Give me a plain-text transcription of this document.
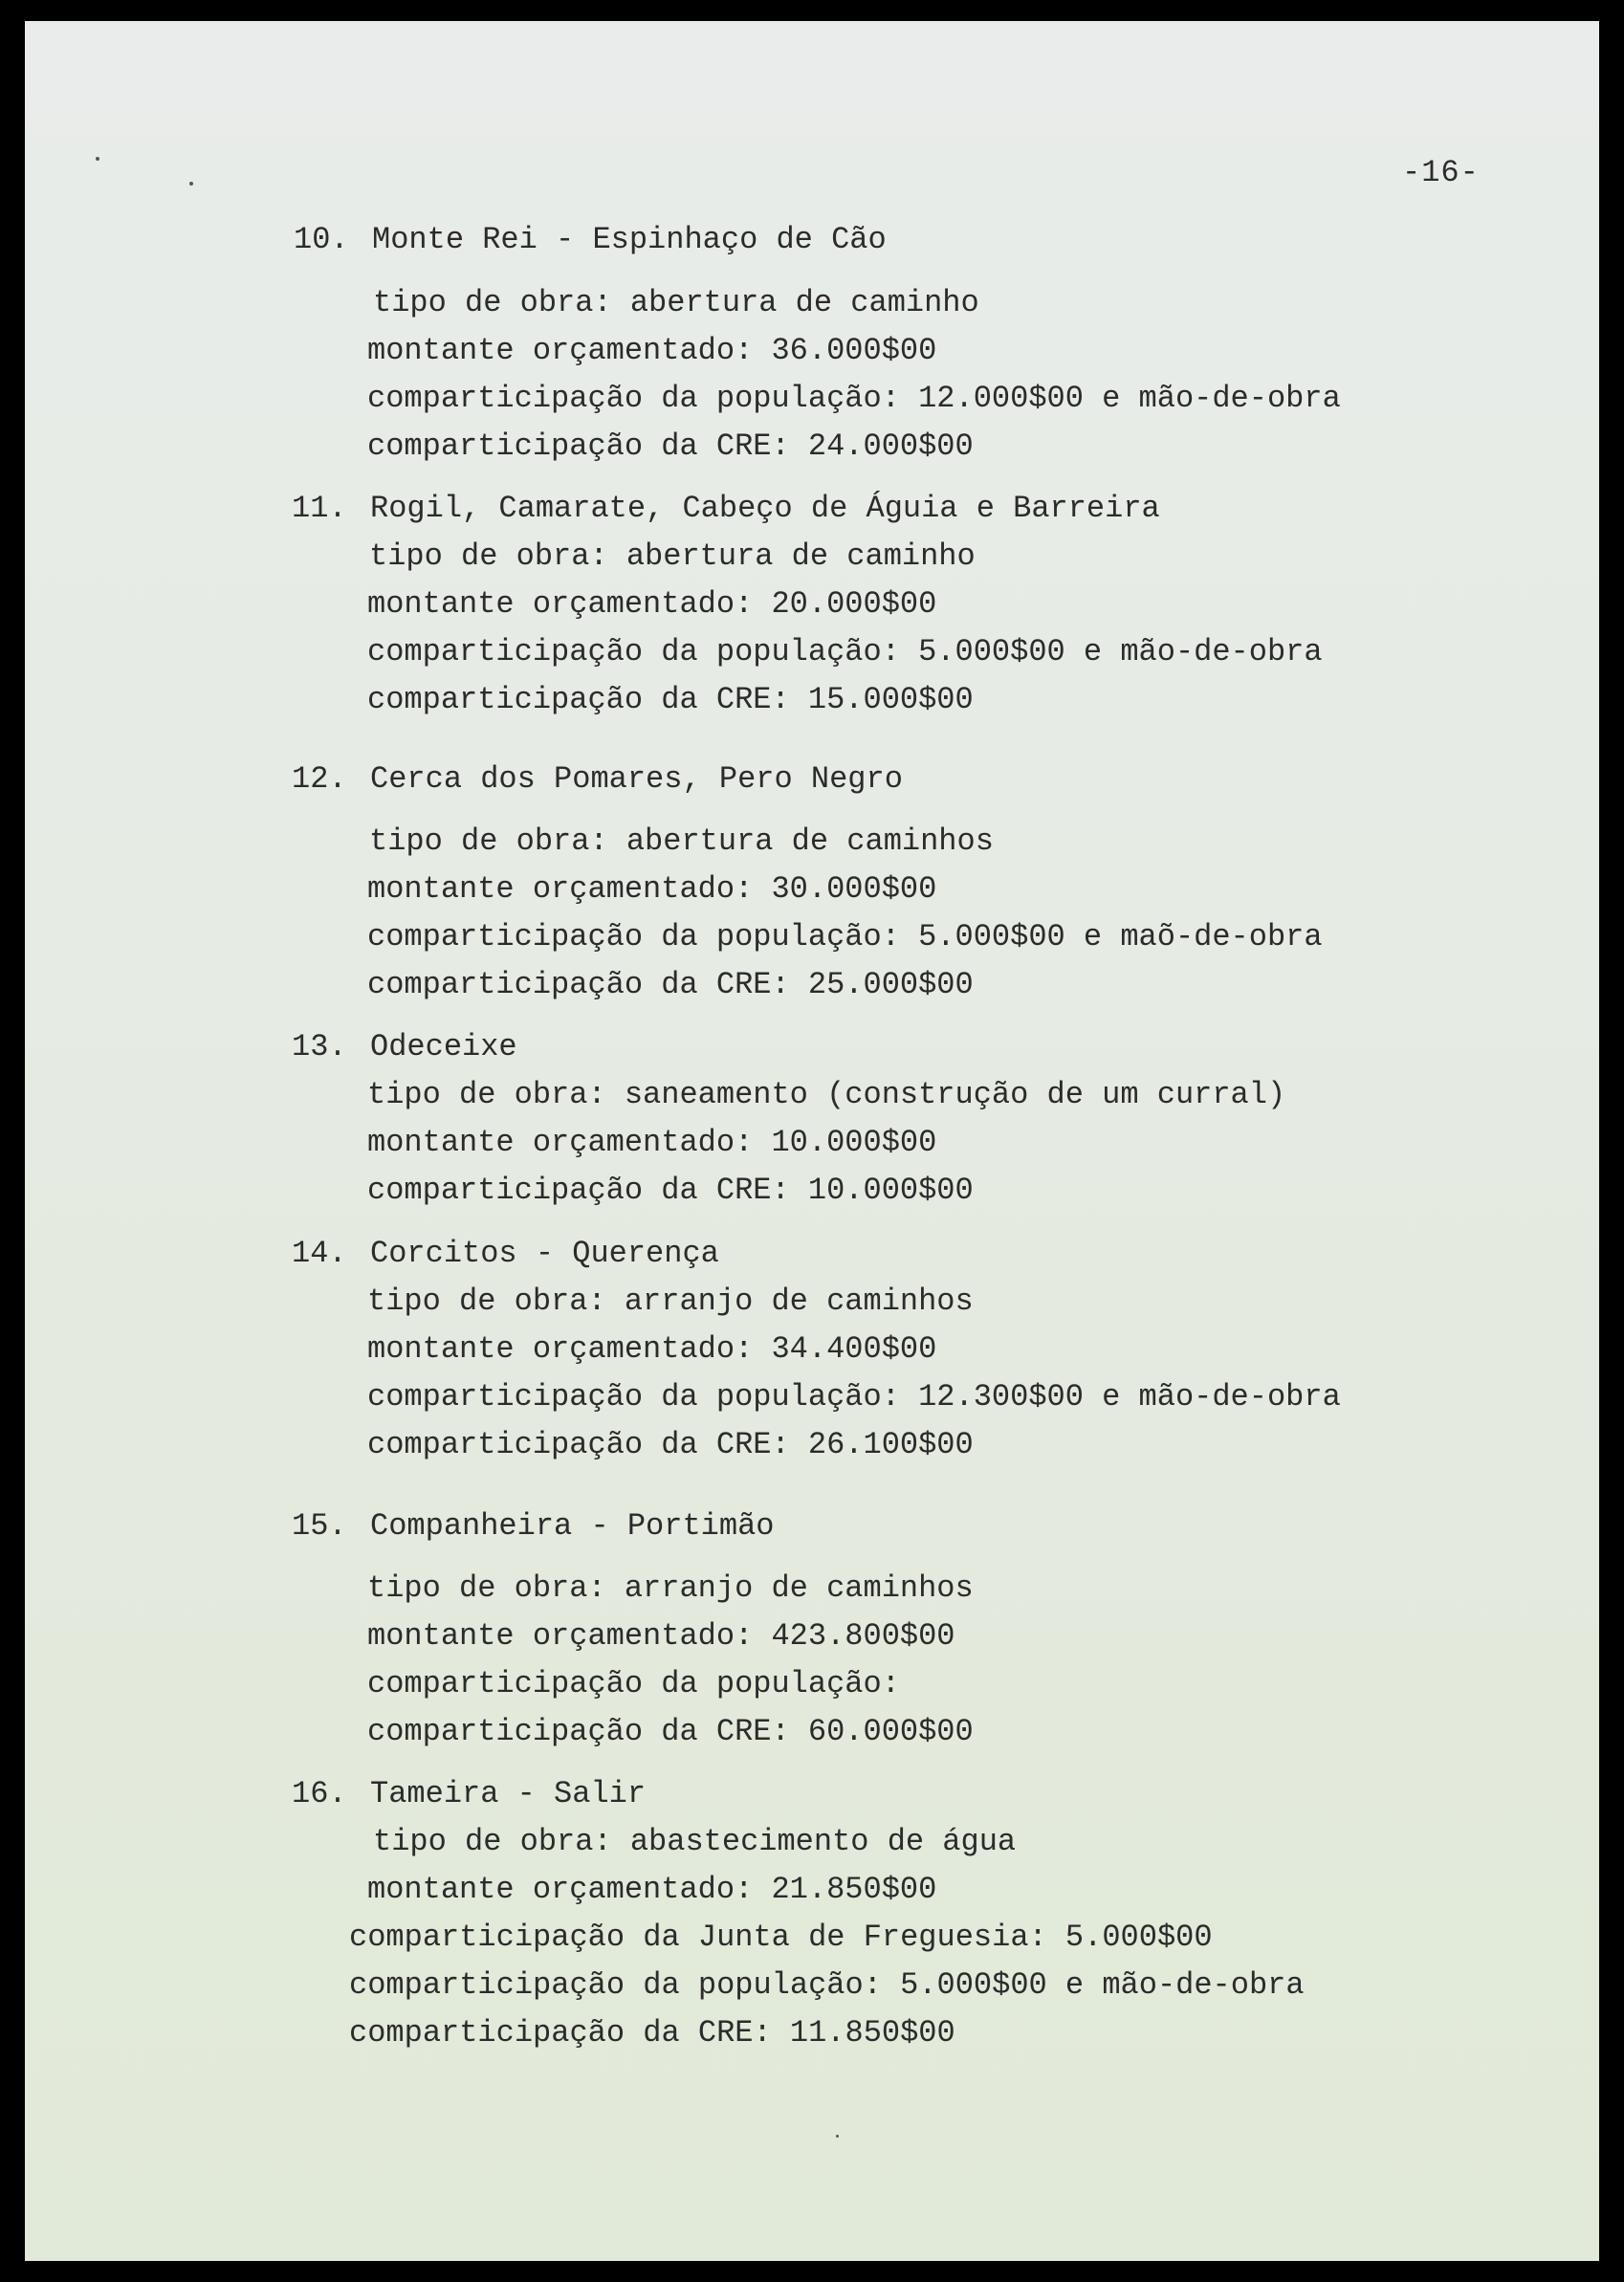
-16-
10. Monte Rei - Espinhaço de Cão
tipo de obra: abertura de caminho
montante orçamentado: 36.000$00
comparticipação da população: 12.000$00 e mão-de-obra
comparticipação da CRE: 24.000$00
11. Rogil, Camarate, Cabeço de Águia e Barreira
tipo de obra: abertura de caminho
montante orçamentado: 20.000$00
comparticipação da população: 5.000$00 e mão-de-obra
comparticipação da CRE: 15.000$00
12. Cerca dos Pomares, Pero Negro
tipo de obra: abertura de caminhos
montante orçamentado: 30.000$00
comparticipação da população: 5.000$00 e maõ-de-obra
comparticipação da CRE: 25.000$00
13. Odeceixe
tipo de obra: saneamento (construção de um curral)
montante orçamentado: 10.000$00
comparticipação da CRE: 10.000$00
14. Corcitos - Querença
tipo de obra: arranjo de caminhos
montante orçamentado: 34.400$00
comparticipação da população: 12.300$00 e mão-de-obra
comparticipação da CRE: 26.100$00
15. Companheira - Portimão
tipo de obra: arranjo de caminhos
montante orçamentado: 423.800$00
comparticipação da população:
comparticipação da CRE: 60.000$00
16. Tameira - Salir
tipo de obra: abastecimento de água
montante orçamentado: 21.850$00
comparticipação da Junta de Freguesia: 5.000$00
comparticipação da população: 5.000$00 e mão-de-obra
comparticipação da CRE: 11.850$00
